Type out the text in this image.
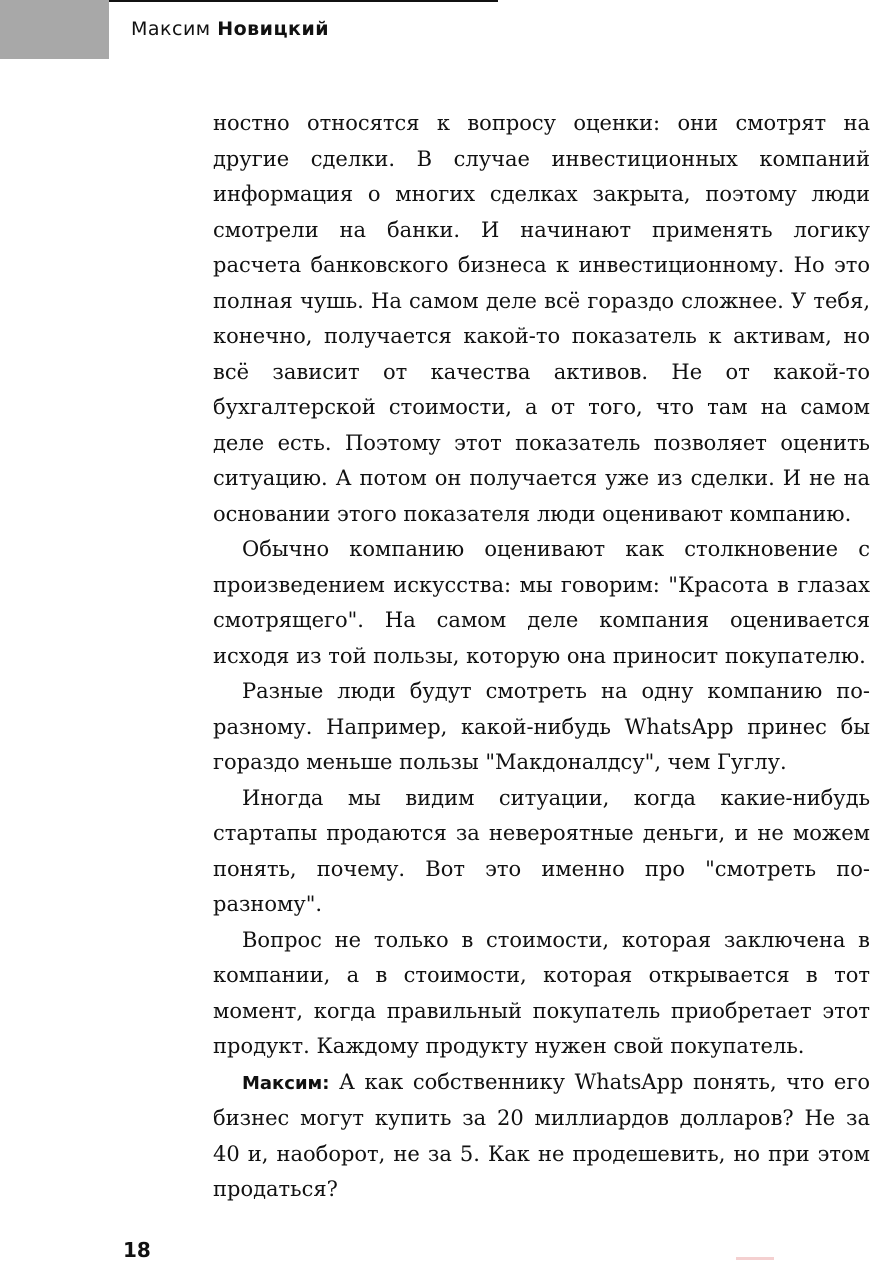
Максим Новицкий

ностно относятся к вопросу оценки: они смотрят на другие сделки. В случае инвестиционных компаний информация о многих сделках закрыта, поэтому люди смотрели на банки. И начинают применять логику расчета банковского бизнеса к инвестиционному. Но это полная чушь. На самом деле всё гораздо сложнее. У тебя, конечно, получается какой-то показатель к активам, но всё зависит от качества активов. Не от какой-то бухгалтерской стоимости, а от того, что там на самом деле есть. Поэтому этот показатель позволяет оценить ситуацию. А потом он получается уже из сделки. И не на основании этого показателя люди оценивают компанию.

Обычно компанию оценивают как столкновение с произведением искусства: мы говорим: "Красота в глазах смотрящего". На самом деле компания оценивается исходя из той пользы, которую она приносит покупателю.

Разные люди будут смотреть на одну компанию по-разному. Например, какой-нибудь WhatsApp принес бы гораздо меньше пользы "Макдоналдсу", чем Гуглу.

Иногда мы видим ситуации, когда какие-нибудь стартапы продаются за невероятные деньги, и не можем понять, почему. Вот это именно про "смотреть по-разному".

Вопрос не только в стоимости, которая заключена в компании, а в стоимости, которая открывается в тот момент, когда правильный покупатель приобретает этот продукт. Каждому продукту нужен свой покупатель.

Максим: А как собственнику WhatsApp понять, что его бизнес могут купить за 20 миллиардов долларов? Не за 40 и, наоборот, не за 5. Как не продешевить, но при этом продаться?

18
